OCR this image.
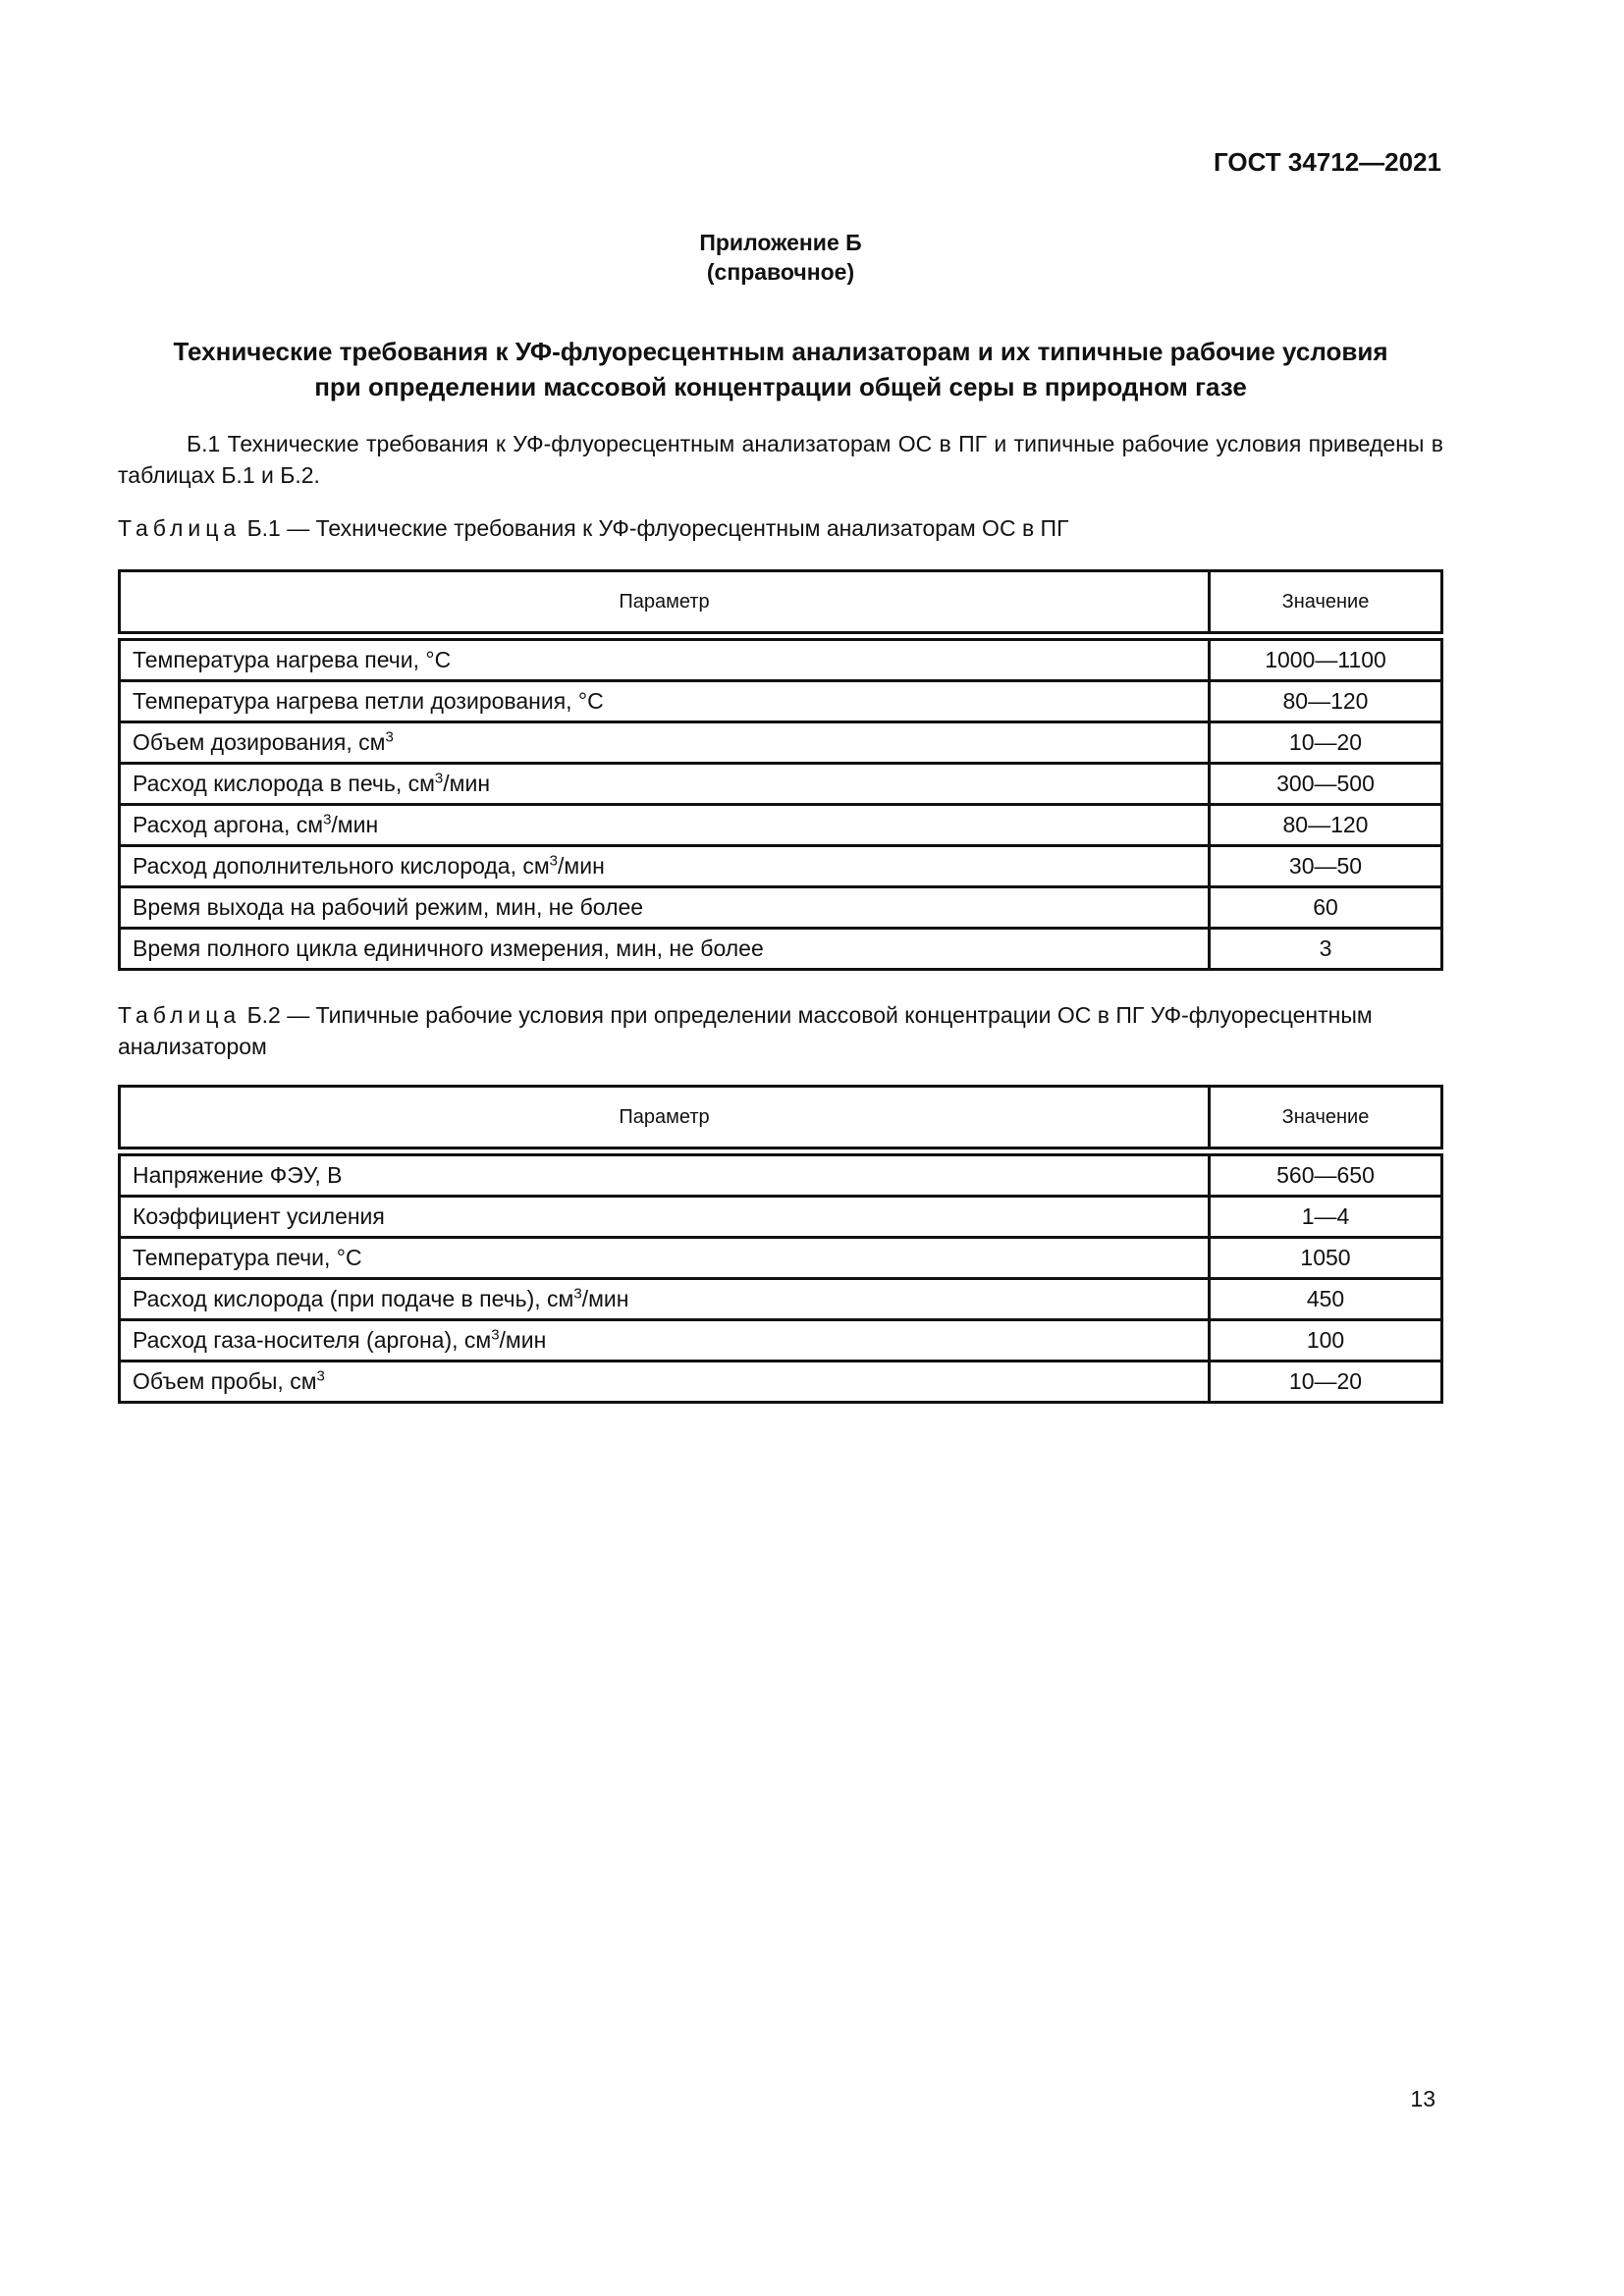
ГОСТ 34712—2021
Приложение Б
(справочное)
Технические требования к УФ-флуоресцентным анализаторам и их типичные рабочие условия
при определении массовой концентрации общей серы в природном газе
Б.1 Технические требования к УФ-флуоресцентным анализаторам ОС в ПГ и типичные рабочие условия приведены в таблицах Б.1 и Б.2.
Таблица Б.1 — Технические требования к УФ-флуоресцентным анализаторам ОС в ПГ
Параметр	Значение
Температура нагрева печи, °С	1000—1100
Температура нагрева петли дозирования, °С	80—120
Объем дозирования, $см^3$	10—20
Расход кислорода в печь, $см^3$/мин	300—500
Расход аргона, $см^3$/мин	80—120
Расход дополнительного кислорода, $см^3$/мин	30—50
Время выхода на рабочий режим, мин, не более	60
Время полного цикла единичного измерения, мин, не более	3
Таблица Б.2 — Типичные рабочие условия при определении массовой концентрации ОС в ПГ УФ-флуоресцентным анализатором
Параметр	Значение
Напряжение ФЭУ, В	560—650
Коэффициент усиления	1—4
Температура печи, °С	1050
Расход кислорода (при подаче в печь), $см^3$/мин	450
Расход газа-носителя (аргона), $см^3$/мин	100
Объем пробы, $см^3$	10—20
13
